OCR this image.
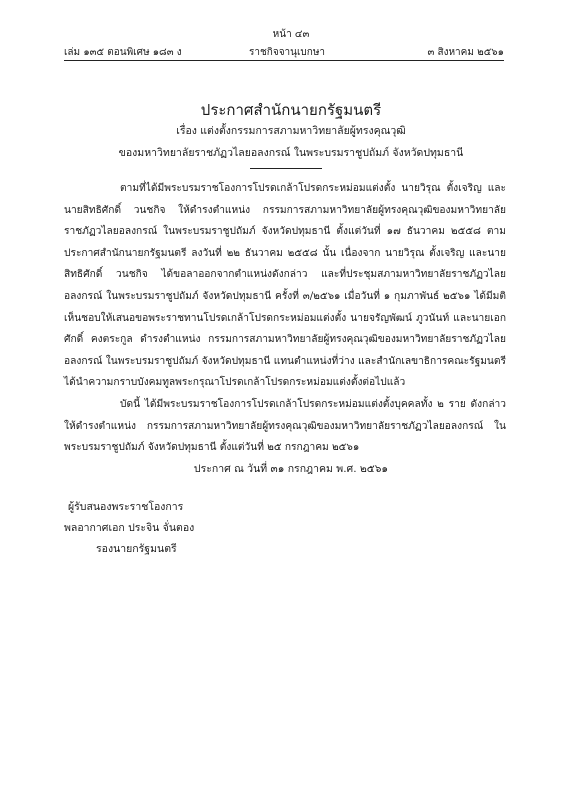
หน้า ๔๓
เล่ม ๑๓๕ ตอนพิเศษ ๑๘๓ ง	ราชกิจจานุเบกษา	๓ สิงหาคม ๒๕๖๑
ประกาศสำนักนายกรัฐมนตรี
เรื่อง แต่งตั้งกรรมการสภามหาวิทยาลัยผู้ทรงคุณวุฒิ
ของมหาวิทยาลัยราชภัฏวไลยอลงกรณ์ ในพระบรมราชูปถัมภ์ จังหวัดปทุมธานี

ตามที่ได้มีพระบรมราชโองการโปรดเกล้าโปรดกระหม่อมแต่งตั้ง นายวิรุณ ตั้งเจริญ และนายสิทธิศักดิ์ วนชกิจ ให้ดำรงตำแหน่ง กรรมการสภามหาวิทยาลัยผู้ทรงคุณวุฒิของมหาวิทยาลัยราชภัฏวไลยอลงกรณ์ ในพระบรมราชูปถัมภ์ จังหวัดปทุมธานี ตั้งแต่วันที่ ๑๗ ธันวาคม ๒๕๕๘ ตามประกาศสำนักนายกรัฐมนตรี ลงวันที่ ๒๒ ธันวาคม ๒๕๕๘ นั้น เนื่องจาก นายวิรุณ ตั้งเจริญ และนายสิทธิศักดิ์ วนชกิจ ได้ขอลาออกจากตำแหน่งดังกล่าว และที่ประชุมสภามหาวิทยาลัยราชภัฏวไลยอลงกรณ์ ในพระบรมราชูปถัมภ์ จังหวัดปทุมธานี ครั้งที่ ๓/๒๕๖๑ เมื่อวันที่ ๑ กุมภาพันธ์ ๒๕๖๑ ได้มีมติเห็นชอบให้เสนอขอพระราชทานโปรดเกล้าโปรดกระหม่อมแต่งตั้ง นายจรัญพัฒน์ ภูวนันท์ และนายเอกศักดิ์ คงตระกูล ดำรงตำแหน่ง กรรมการสภามหาวิทยาลัยผู้ทรงคุณวุฒิของมหาวิทยาลัยราชภัฏวไลยอลงกรณ์ ในพระบรมราชูปถัมภ์ จังหวัดปทุมธานี แทนตำแหน่งที่ว่าง และสำนักเลขาธิการคณะรัฐมนตรีได้นำความกราบบังคมทูลพระกรุณาโปรดเกล้าโปรดกระหม่อมแต่งตั้งต่อไปแล้ว

บัดนี้ ได้มีพระบรมราชโองการโปรดเกล้าโปรดกระหม่อมแต่งตั้งบุคคลทั้ง ๒ ราย ดังกล่าว ให้ดำรงตำแหน่ง กรรมการสภามหาวิทยาลัยผู้ทรงคุณวุฒิของมหาวิทยาลัยราชภัฏวไลยอลงกรณ์ ในพระบรมราชูปถัมภ์ จังหวัดปทุมธานี ตั้งแต่วันที่ ๒๕ กรกฎาคม ๒๕๖๑

ประกาศ ณ วันที่ ๓๑ กรกฎาคม พ.ศ. ๒๕๖๑
ผู้รับสนองพระราชโองการ
พลอากาศเอก ประจิน จั่นตอง
รองนายกรัฐมนตรี
